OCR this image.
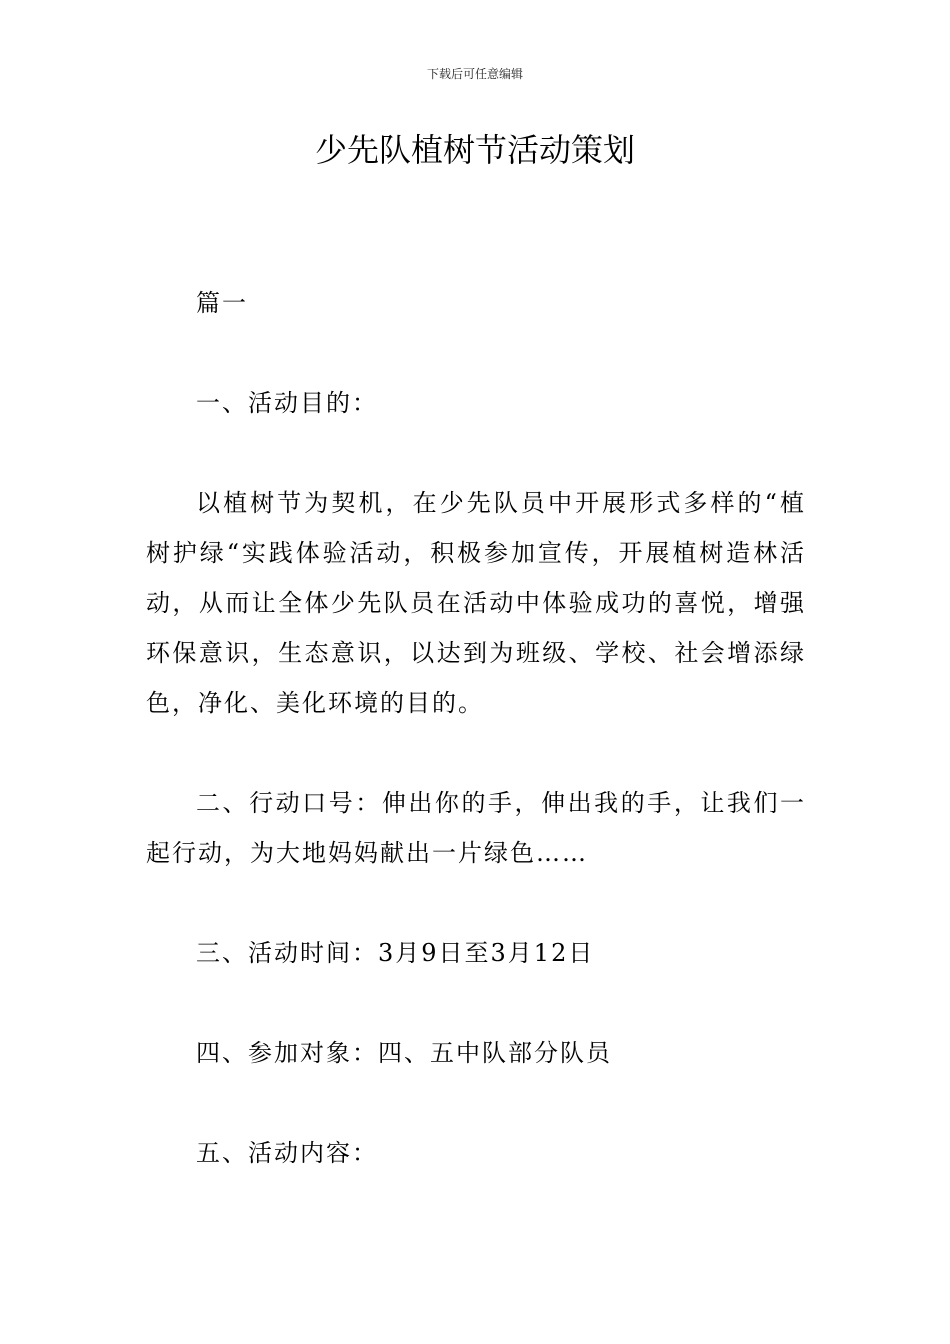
下载后可任意编辑
少先队植树节活动策划

篇一

一、活动目的：

以植树节为契机，在少先队员中开展形式多样的“植树护绿“实践体验活动，积极参加宣传，开展植树造林活动，从而让全体少先队员在活动中体验成功的喜悦，增强环保意识，生态意识，以达到为班级、学校、社会增添绿色，净化、美化环境的目的。

二、行动口号：伸出你的手，伸出我的手，让我们一起行动，为大地妈妈献出一片绿色……

三、活动时间：3月9日至3月12日

四、参加对象：四、五中队部分队员

五、活动内容：
